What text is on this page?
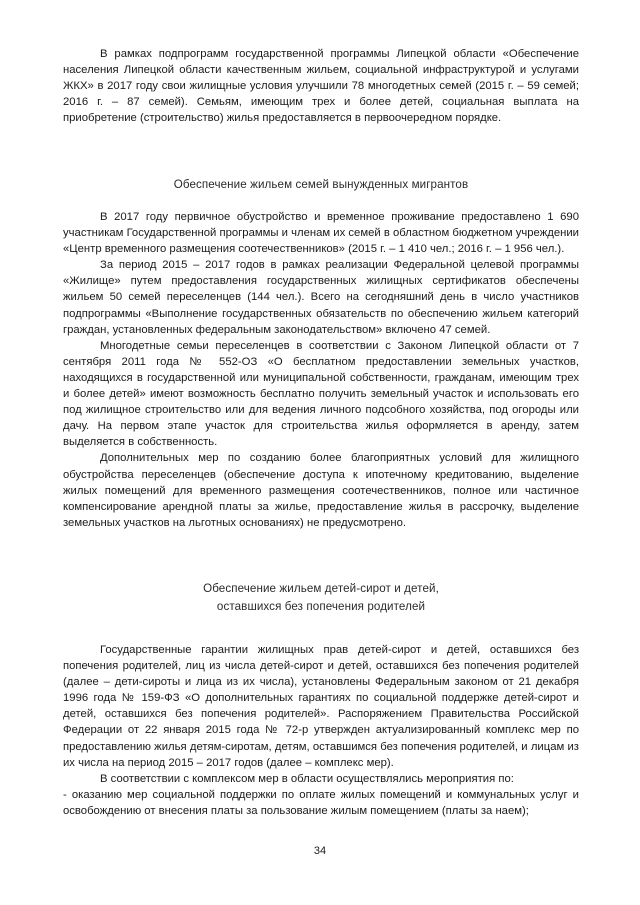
В рамках подпрограмм государственной программы Липецкой области «Обеспечение населения Липецкой области качественным жильем, социальной инфраструктурой и услугами ЖКХ» в 2017 году свои жилищные условия улучшили 78 многодетных семей (2015 г. – 59 семей; 2016 г. – 87 семей). Семьям, имеющим трех и более детей, социальная выплата на приобретение (строительство) жилья предоставляется в первоочередном порядке.

Обеспечение жильем семей вынужденных мигрантов

В 2017 году первичное обустройство и временное проживание предоставлено 1 690 участникам Государственной программы и членам их семей в областном бюджетном учреждении «Центр временного размещения соотечественников» (2015 г. – 1 410 чел.; 2016 г. – 1 956 чел.).

За период 2015 – 2017 годов в рамках реализации Федеральной целевой программы «Жилище» путем предоставления государственных жилищных сертификатов обеспечены жильем 50 семей переселенцев (144 чел.). Всего на сегодняшний день в число участников подпрограммы «Выполнение государственных обязательств по обеспечению жильем категорий граждан, установленных федеральным законодательством» включено 47 семей.

Многодетные семьи переселенцев в соответствии с Законом Липецкой области от 7 сентября 2011 года № 552-ОЗ «О бесплатном предоставлении земельных участков, находящихся в государственной или муниципальной собственности, гражданам, имеющим трех и более детей» имеют возможность бесплатно получить земельный участок и использовать его под жилищное строительство или для ведения личного подсобного хозяйства, под огороды или дачу. На первом этапе участок для строительства жилья оформляется в аренду, затем выделяется в собственность.

Дополнительных мер по созданию более благоприятных условий для жилищного обустройства переселенцев (обеспечение доступа к ипотечному кредитованию, выделение жилых помещений для временного размещения соотечественников, полное или частичное компенсирование арендной платы за жилье, предоставление жилья в рассрочку, выделение земельных участков на льготных основаниях) не предусмотрено.

Обеспечение жильем детей-сирот и детей,
оставшихся без попечения родителей

Государственные гарантии жилищных прав детей-сирот и детей, оставшихся без попечения родителей, лиц из числа детей-сирот и детей, оставшихся без попечения родителей (далее – дети-сироты и лица из их числа), установлены Федеральным законом от 21 декабря 1996 года № 159-ФЗ «О дополнительных гарантиях по социальной поддержке детей-сирот и детей, оставшихся без попечения родителей». Распоряжением Правительства Российской Федерации от 22 января 2015 года № 72-р утвержден актуализированный комплекс мер по предоставлению жилья детям-сиротам, детям, оставшимся без попечения родителей, и лицам из их числа на период 2015 – 2017 годов (далее – комплекс мер).

В соответствии с комплексом мер в области осуществлялись мероприятия по:

- оказанию мер социальной поддержки по оплате жилых помещений и коммунальных услуг и освобождению от внесения платы за пользование жилым помещением (платы за наем);

34
